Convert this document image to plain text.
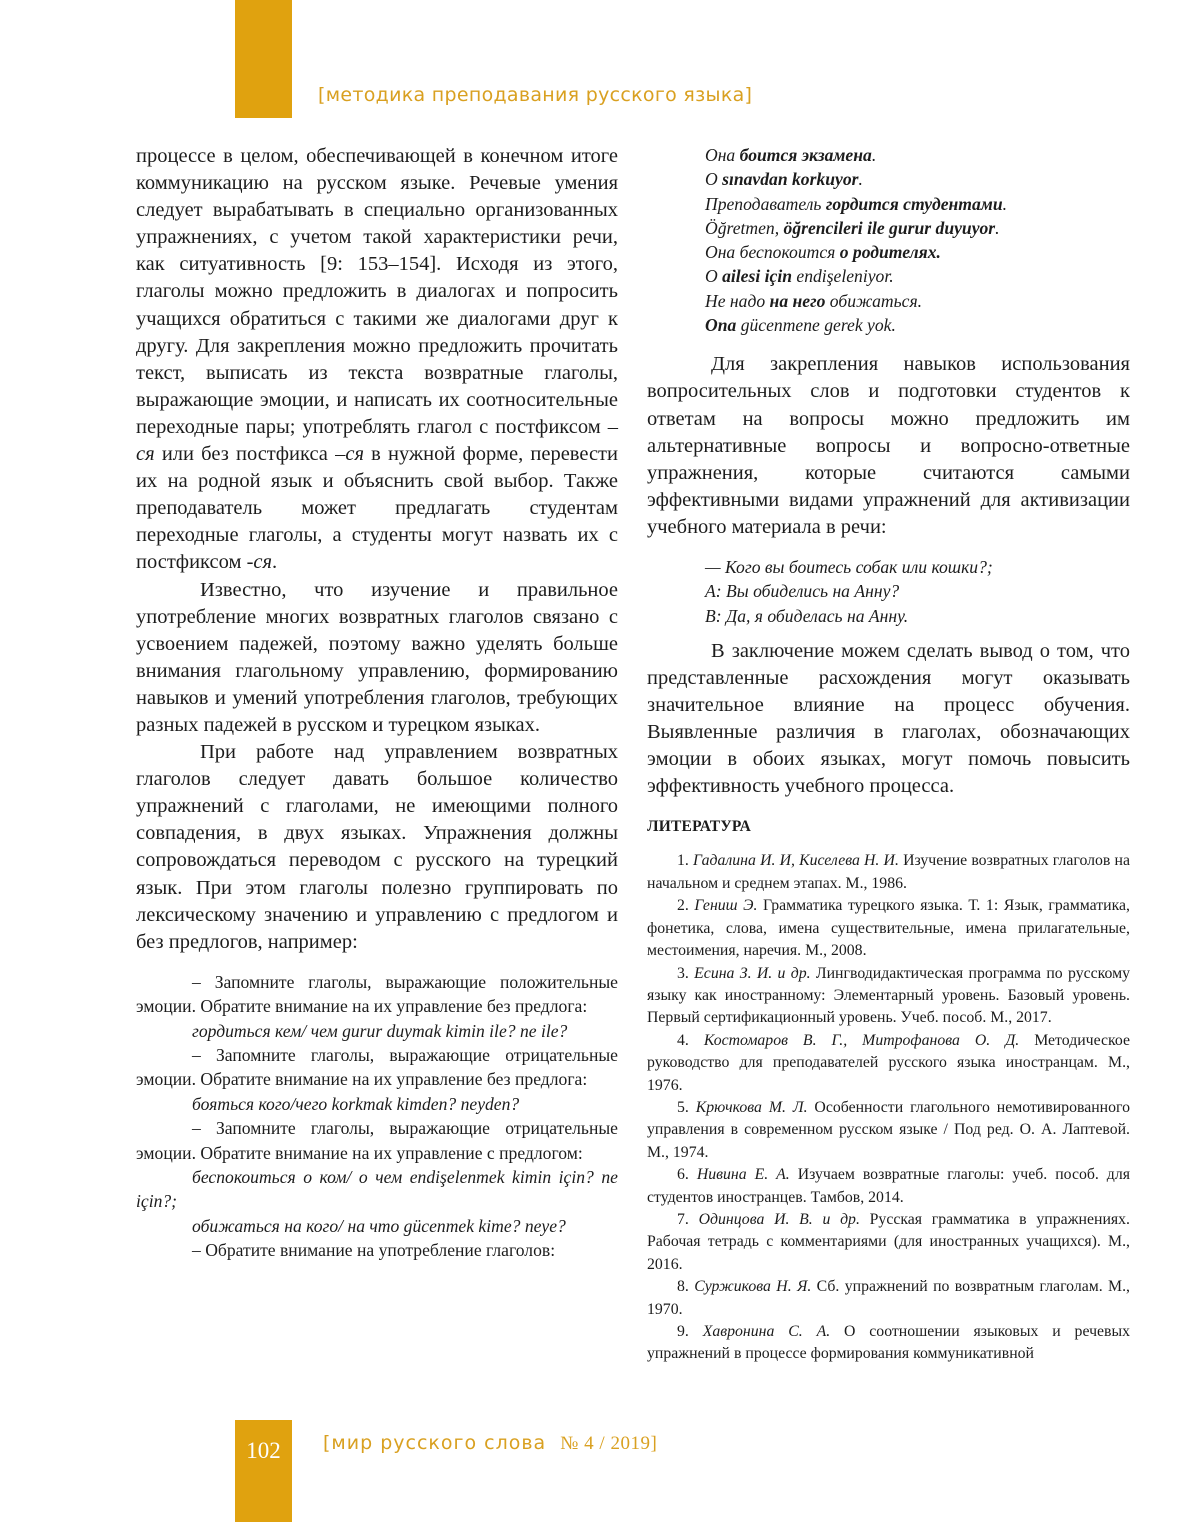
[методика преподавания русского языка]

процессе в целом, обеспечивающей в конечном итоге коммуникацию на русском языке. Речевые умения следует вырабатывать в специально организованных упражнениях, с учетом такой характеристики речи, как ситуативность [9: 153–154]. Исходя из этого, глаголы можно предложить в диалогах и попросить учащихся обратиться с такими же диалогами друг к другу. Для закрепления можно предложить прочитать текст, выписать из текста возвратные глаголы, выражающие эмоции, и написать их соотносительные переходные пары; употреблять глагол с постфиксом –ся или без постфикса –ся в нужной форме, перевести их на родной язык и объяснить свой выбор. Также преподаватель может предлагать студентам переходные глаголы, а студенты могут назвать их с постфиксом -ся.

Известно, что изучение и правильное употребление многих возвратных глаголов связано с усвоением падежей, поэтому важно уделять больше внимания глагольному управлению, формированию навыков и умений употребления глаголов, требующих разных падежей в русском и турецком языках.

При работе над управлением возвратных глаголов следует давать большое количество упражнений с глаголами, не имеющими полного совпадения, в двух языках. Упражнения должны сопровождаться переводом с русского на турецкий язык. При этом глаголы полезно группировать по лексическому значению и управлению с предлогом и без предлогов, например:

– Запомните глаголы, выражающие положительные эмоции. Обратите внимание на их управление без предлога:

гордиться кем/ чем gurur duymak kimin ile? ne ile?

– Запомните глаголы, выражающие отрицательные эмоции. Обратите внимание на их управление без предлога:

бояться кого/чего korkmak kimden? neyden?

– Запомните глаголы, выражающие отрицательные эмоции. Обратите внимание на их управление с предлогом:

беспокоиться о ком/ о чем endişelenmek kimin için? ne için?;

обижаться на кого/ на что gücenmek kime? neye?

– Обратите внимание на употребление глаголов:

Она боится экзамена.
O sınavdan korkuyor.
Преподаватель гордится студентами.
Öğretmen, öğrencileri ile gurur duyuyor.
Она беспокоится о родителях.
O ailesi için endişeleniyor.
Не надо на него обижаться.
Ona gücenmene gerek yok.

Для закрепления навыков использования вопросительных слов и подготовки студентов к ответам на вопросы можно предложить им альтернативные вопросы и вопросно-ответные упражнения, которые считаются самыми эффективными видами упражнений для активизации учебного материала в речи:

— Кого вы боитесь собак или кошки?;
А: Вы обиделись на Анну?
В: Да, я обиделась на Анну.

В заключение можем сделать вывод о том, что представленные расхождения могут оказывать значительное влияние на процесс обучения. Выявленные различия в глаголах, обозначающих эмоции в обоих языках, могут помочь повысить эффективность учебного процесса.

ЛИТЕРАТУРА

1. Гадалина И. И, Киселева Н. И. Изучение возвратных глаголов на начальном и среднем этапах. М., 1986.

2. Гениш Э. Грамматика турецкого языка. Т. 1: Язык, грамматика, фонетика, слова, имена существительные, имена прилагательные, местоимения, наречия. М., 2008.

3. Есина З. И. и др. Лингводидактическая программа по русскому языку как иностранному: Элементарный уровень. Базовый уровень. Первый сертификационный уровень. Учеб. пособ. М., 2017.

4. Костомаров В. Г., Митрофанова О. Д. Методическое руководство для преподавателей русского языка иностранцам. М., 1976.

5. Крючкова М. Л. Особенности глагольного немотивированного управления в современном русском языке / Под ред. О. А. Лаптевой. М., 1974.

6. Нивина Е. А. Изучаем возвратные глаголы: учеб. пособ. для студентов иностранцев. Тамбов, 2014.

7. Одинцова И. В. и др. Русская грамматика в упражнениях. Рабочая тетрадь с комментариями (для иностранных учащихся). М., 2016.

8. Суржикова Н. Я. Сб. упражнений по возвратным глаголам. М., 1970.

9. Хавронина С. А. О соотношении языковых и речевых упражнений в процессе формирования коммуникативной

102	[мир русского слова № 4 / 2019]
